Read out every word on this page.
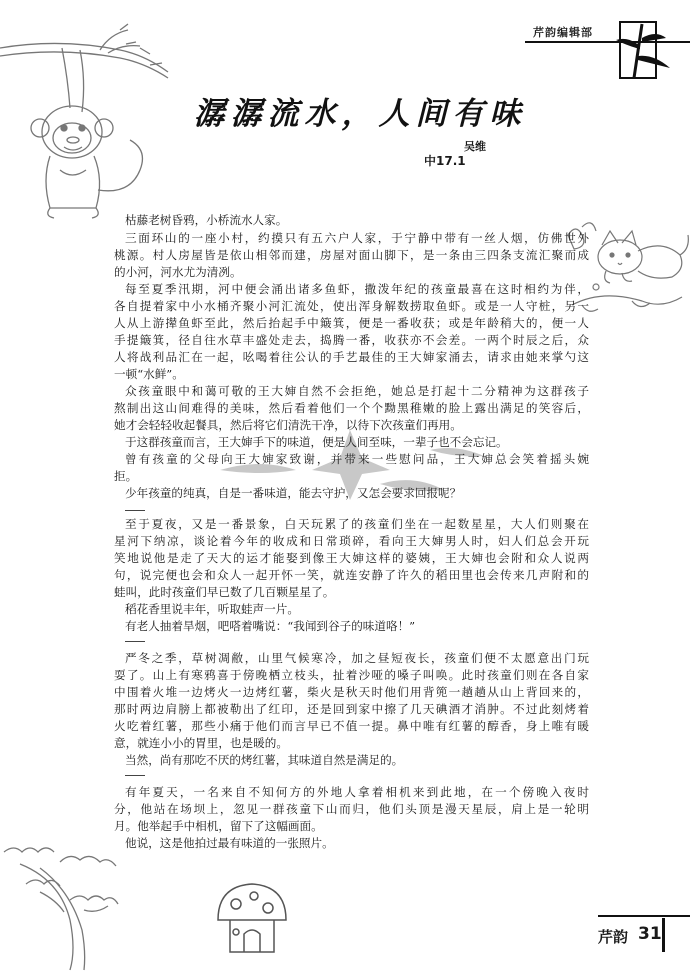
芹韵编辑部
潺潺流水，人间有味
吴维
中17.1
枯藤老树昏鸦，小桥流水人家。
三面环山的一座小村，约摸只有五六户人家，于宁静中带有一丝人烟，仿佛世外
桃源。村人房屋皆是依山相邻而建，房屋对面山脚下，是一条由三四条支流汇聚而成
的小河，河水尤为清冽。
每至夏季汛期，河中便会涌出诸多鱼虾，撒泼年纪的孩童最喜在这时相约为伴，
各自提着家中小水桶齐聚小河汇流处，使出浑身解数捞取鱼虾。或是一人守桩，另一
人从上游撵鱼虾至此，然后抬起手中簸箕，便是一番收获；或是年龄稍大的，便一人
手提簸箕，径自往水草丰盛处走去，捣腾一番，收获亦不会差。一两个时辰之后，众
人将战利品汇在一起，吆喝着往公认的手艺最佳的王大婶家涌去，请求由她来掌勺这
一顿“水鲜”。
众孩童眼中和蔼可敬的王大婶自然不会拒绝，她总是打起十二分精神为这群孩子
熬制出这山间难得的美味，然后看着他们一个个黝黑稚嫩的脸上露出满足的笑容后，
她才会轻轻收起餐具，然后将它们清洗干净，以待下次孩童们再用。
于这群孩童而言，王大婶手下的味道，便是人间至味，一辈子也不会忘记。
曾有孩童的父母向王大婶家致谢，并带来一些慰问品，王大婶总会笑着摇头婉
拒。
少年孩童的纯真，自是一番味道，能去守护，又怎会要求回报呢？
至于夏夜，又是一番景象，白天玩累了的孩童们坐在一起数星星，大人们则聚在
星河下纳凉，谈论着今年的收成和日常琐碎，看向王大婶男人时，妇人们总会开玩
笑地说他是走了天大的运才能娶到像王大婶这样的婆姨，王大婶也会附和众人说两
句，说完便也会和众人一起开怀一笑，就连安静了许久的稻田里也会传来几声附和的
蛙叫，此时孩童们早已数了几百颗星星了。
稻花香里说丰年，听取蛙声一片。
有老人抽着旱烟，吧嗒着嘴说：“我闻到谷子的味道咯！”
严冬之季，草树凋敝，山里气候寒冷，加之昼短夜长，孩童们便不太愿意出门玩
耍了。山上有寒鸦喜于傍晚栖立枝头，扯着沙哑的嗓子叫唤。此时孩童们则在各自家
中围着火堆一边烤火一边烤红薯，柴火是秋天时他们用背篼一趟趟从山上背回来的，
那时两边肩膀上都被勒出了红印，还是回到家中擦了几天碘酒才消肿。不过此刻烤着
火吃着红薯，那些小痛于他们而言早已不值一提。鼻中唯有红薯的醇香，身上唯有暖
意，就连小小的胃里，也是暖的。
当然，尚有那吃不厌的烤红薯，其味道自然是满足的。
有年夏天，一名来自不知何方的外地人拿着相机来到此地，在一个傍晚入夜时
分，他站在场坝上，忽见一群孩童下山而归，他们头顶是漫天星辰，肩上是一轮明
月。他举起手中相机，留下了这幅画面。
他说，这是他拍过最有味道的一张照片。
芹韵 31
